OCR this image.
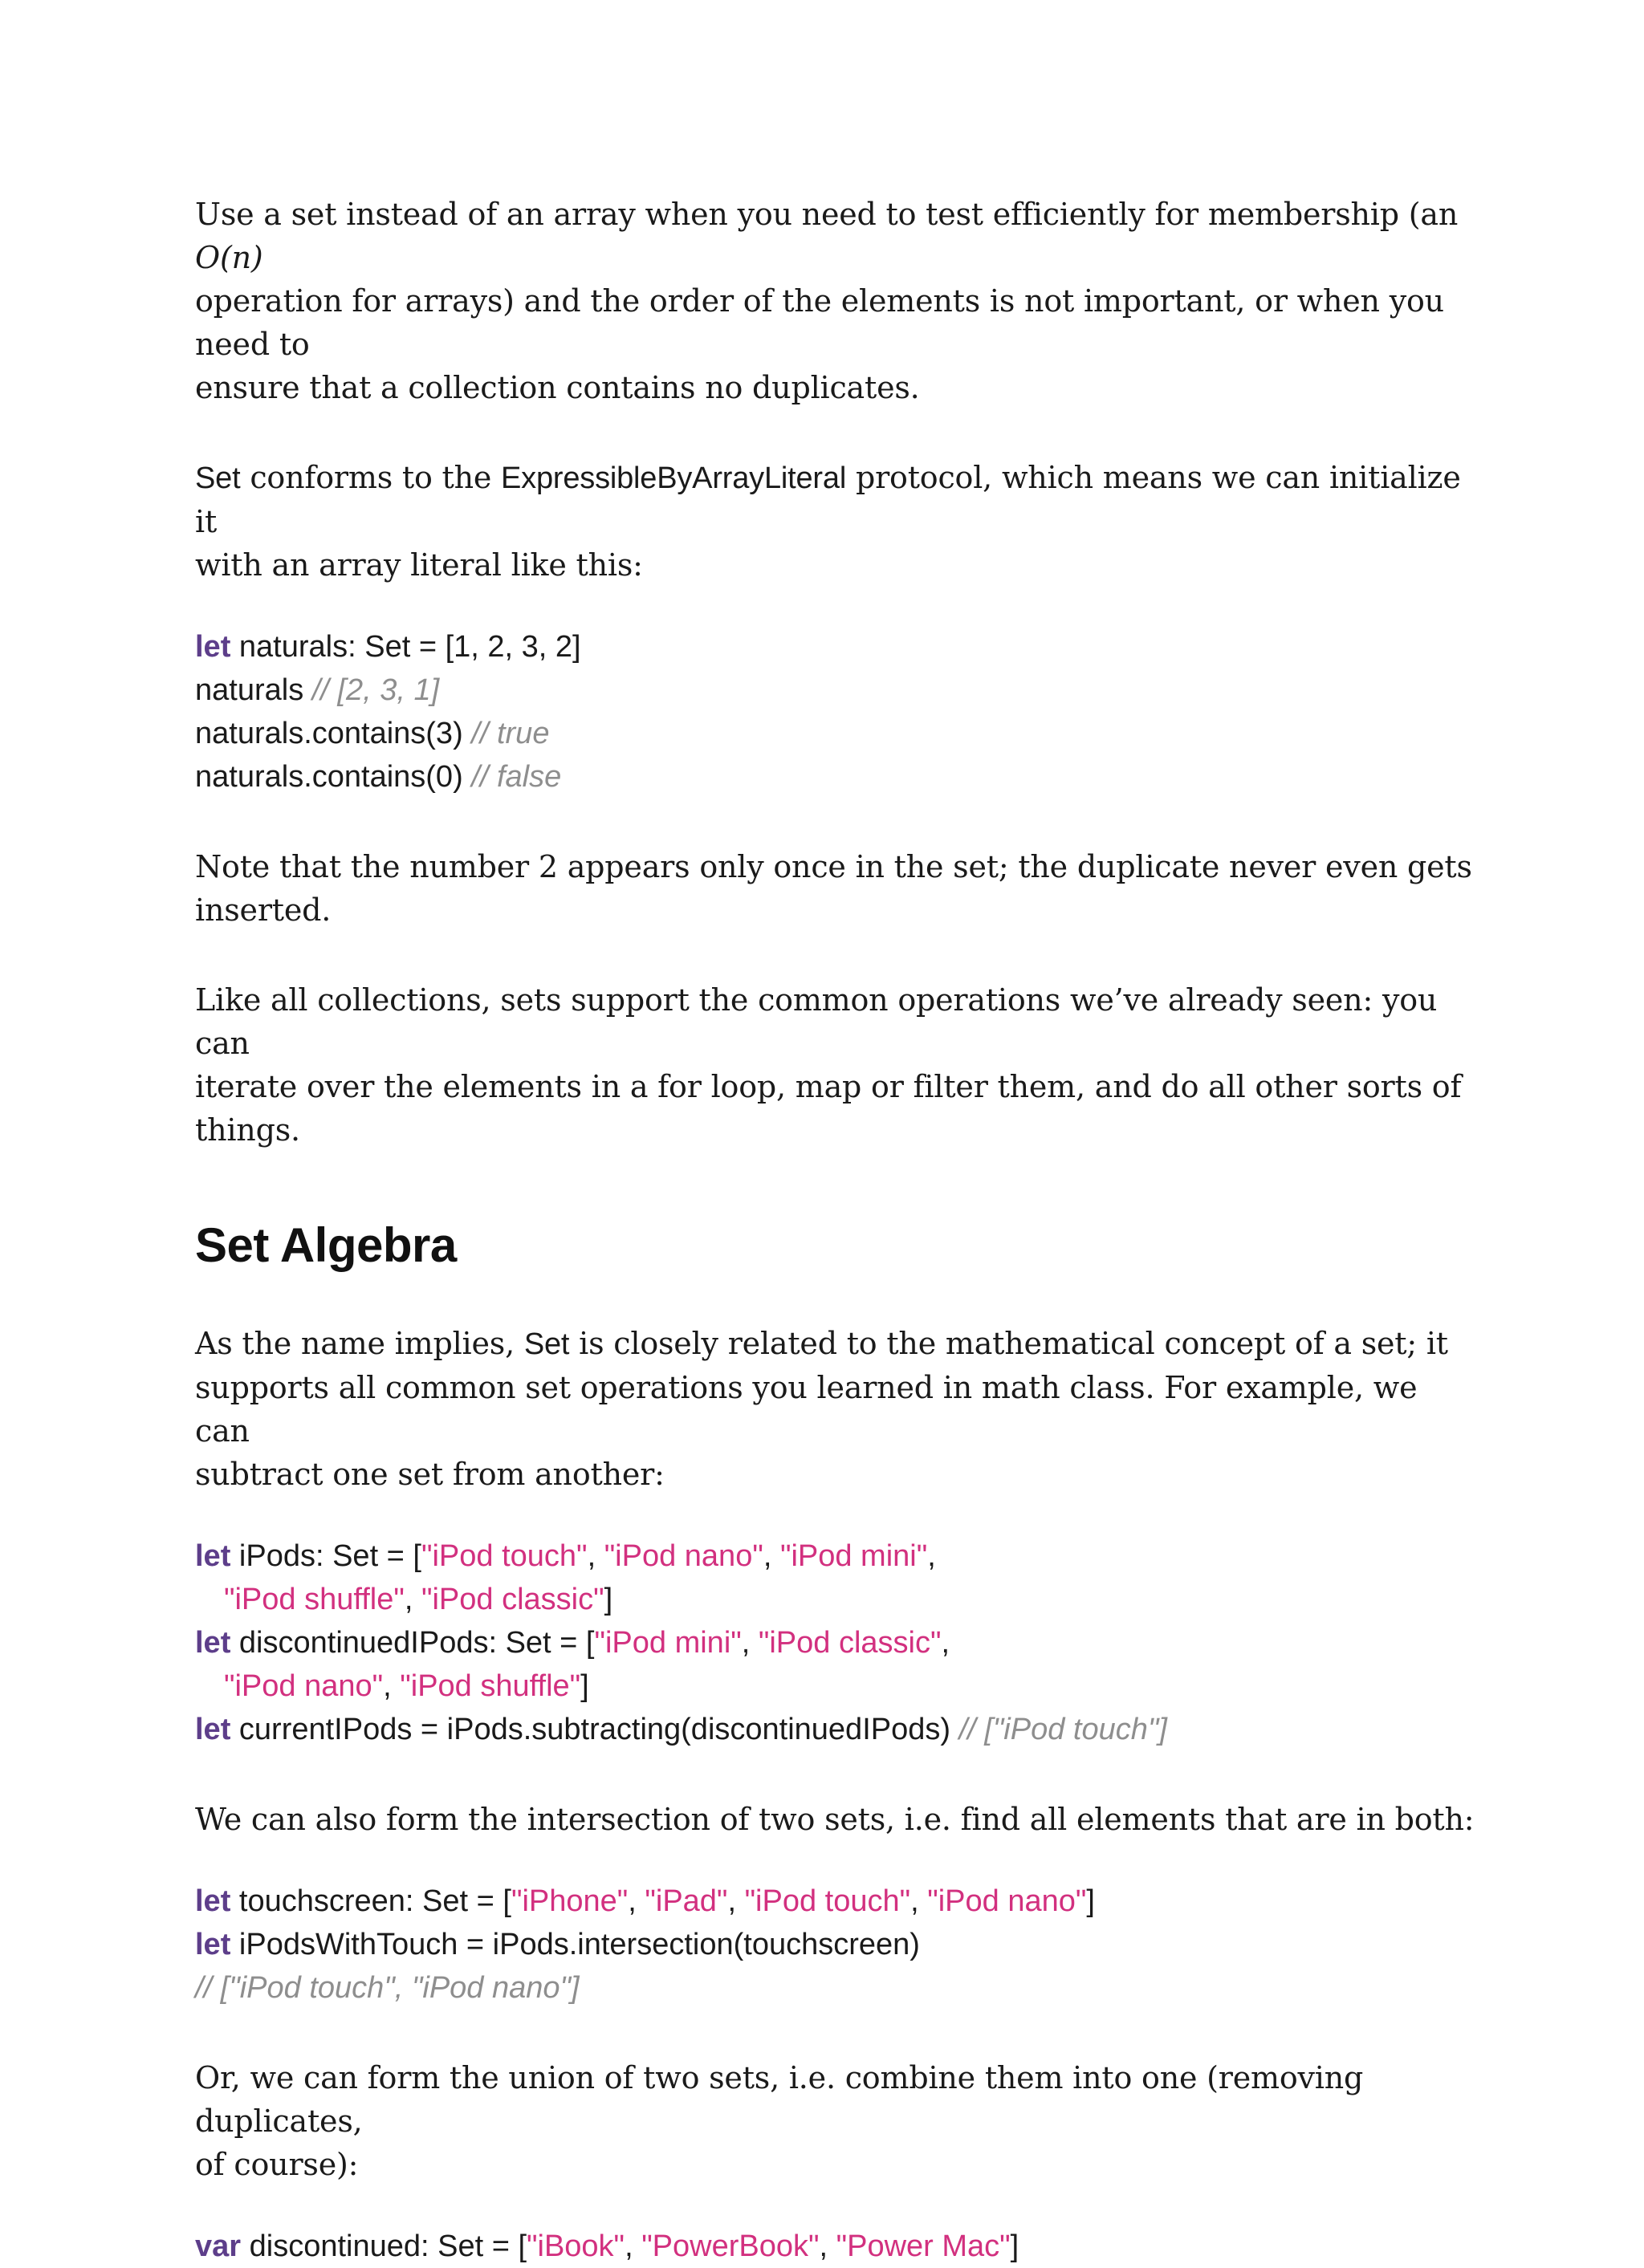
Use a set instead of an array when you need to test efficiently for membership (an O(n)
operation for arrays) and the order of the elements is not important, or when you need to
ensure that a collection contains no duplicates.

Set conforms to the ExpressibleByArrayLiteral protocol, which means we can initialize it
with an array literal like this:

let naturals: Set = [1, 2, 3, 2]
naturals // [2, 3, 1]
naturals.contains(3) // true
naturals.contains(0) // false

Note that the number 2 appears only once in the set; the duplicate never even gets
inserted.

Like all collections, sets support the common operations we’ve already seen: you can
iterate over the elements in a for loop, map or filter them, and do all other sorts of things.

Set Algebra

As the name implies, Set is closely related to the mathematical concept of a set; it
supports all common set operations you learned in math class. For example, we can
subtract one set from another:

let iPods: Set = ["iPod touch", "iPod nano", "iPod mini",
"iPod shuffle", "iPod classic"]
let discontinuedIPods: Set = ["iPod mini", "iPod classic",
"iPod nano", "iPod shuffle"]
let currentIPods = iPods.subtracting(discontinuedIPods) // ["iPod touch"]

We can also form the intersection of two sets, i.e. find all elements that are in both:

let touchscreen: Set = ["iPhone", "iPad", "iPod touch", "iPod nano"]
let iPodsWithTouch = iPods.intersection(touchscreen)
// ["iPod touch", "iPod nano"]

Or, we can form the union of two sets, i.e. combine them into one (removing duplicates,
of course):

var discontinued: Set = ["iBook", "PowerBook", "Power Mac"]
